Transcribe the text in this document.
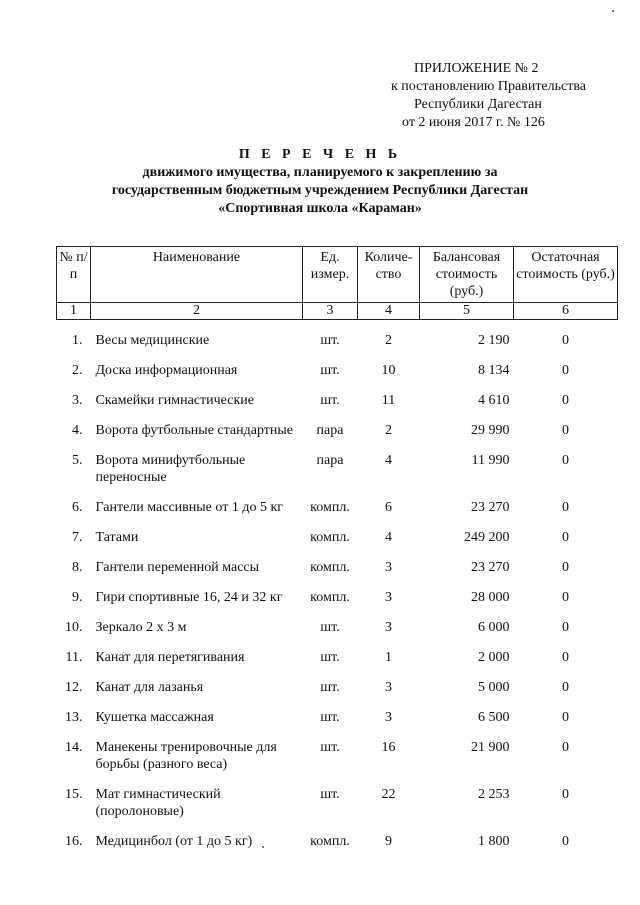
ПРИЛОЖЕНИЕ № 2
к постановлению Правительства
Республики Дагестан
от 2 июня 2017 г. № 126
П Е Р Е Ч Е Н Ь
движимого имущества, планируемого к закреплению за
государственным бюджетным учреждением Республики Дагестан
«Спортивная школа «Караман»
№ п/п	Наименование	Ед. измер.	Количе-ство	Балансовая стоимость (руб.)	Остаточная стоимость (руб.)
1	2	3	4	5	6
1.	Весы медицинские	шт.	2	2 190	0
2.	Доска информационная	шт.	10	8 134	0
3.	Скамейки гимнастические	шт.	11	4 610	0
4.	Ворота футбольные стандартные	пара	2	29 990	0
5.	Ворота минифутбольные переносные	пара	4	11 990	0
6.	Гантели массивные от 1 до 5 кг	компл.	6	23 270	0
7.	Татами	компл.	4	249 200	0
8.	Гантели переменной массы	компл.	3	23 270	0
9.	Гири спортивные 16, 24 и 32 кг	компл.	3	28 000	0
10.	Зеркало 2 х 3 м	шт.	3	6 000	0
11.	Канат для перетягивания	шт.	1	2 000	0
12.	Канат для лазанья	шт.	3	5 000	0
13.	Кушетка массажная	шт.	3	6 500	0
14.	Манекены тренировочные для борьбы (разного веса)	шт.	16	21 900	0
15.	Мат гимнастический (поролоновые)	шт.	22	2 253	0
16.	Медицинбол (от 1 до 5 кг)	компл.	9	1 800	0
